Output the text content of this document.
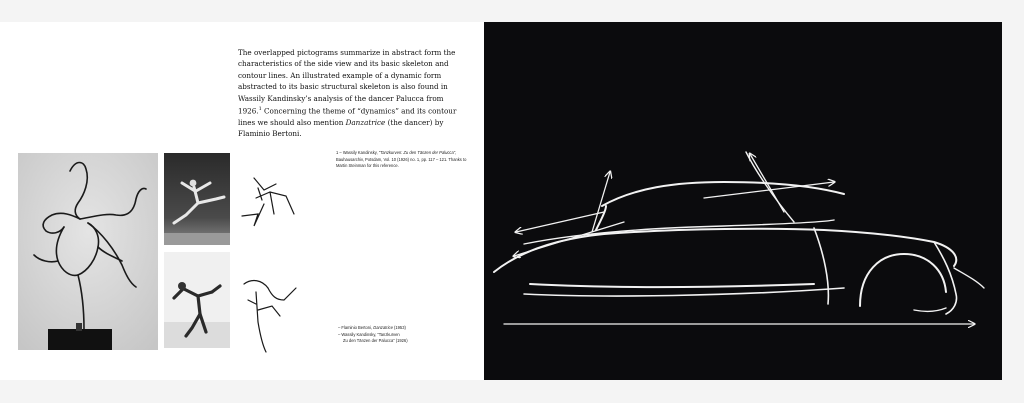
The overlapped pictograms summarize in abstract form the characteristics of the side view and its basic skeleton and contour lines. An illustrated example of a dynamic form abstracted to its basic structural skeleton is also found in Wassily Kandinsky’s analysis of the dancer Palucca from 1926.$^1$ Concerning the theme of “dynamics” and its contour lines we should also mention Danzatrice (the dancer) by Flaminio Bertoni.

1 – Wassily Kandinsky, “Tanzkurven: Zu den Tänzen der Palucca”, Bauhausarchiv, Potsdam, Vol. 10 (1926) no. 1, pp. 117 – 121. Thanks to Martin Steinman for this reference.

– Flaminio Bertoni, Danzatrice (1953)
– Wassily Kandinsky, “Tanzkurven
Zu den Tänzen der Palucca” (1926)
